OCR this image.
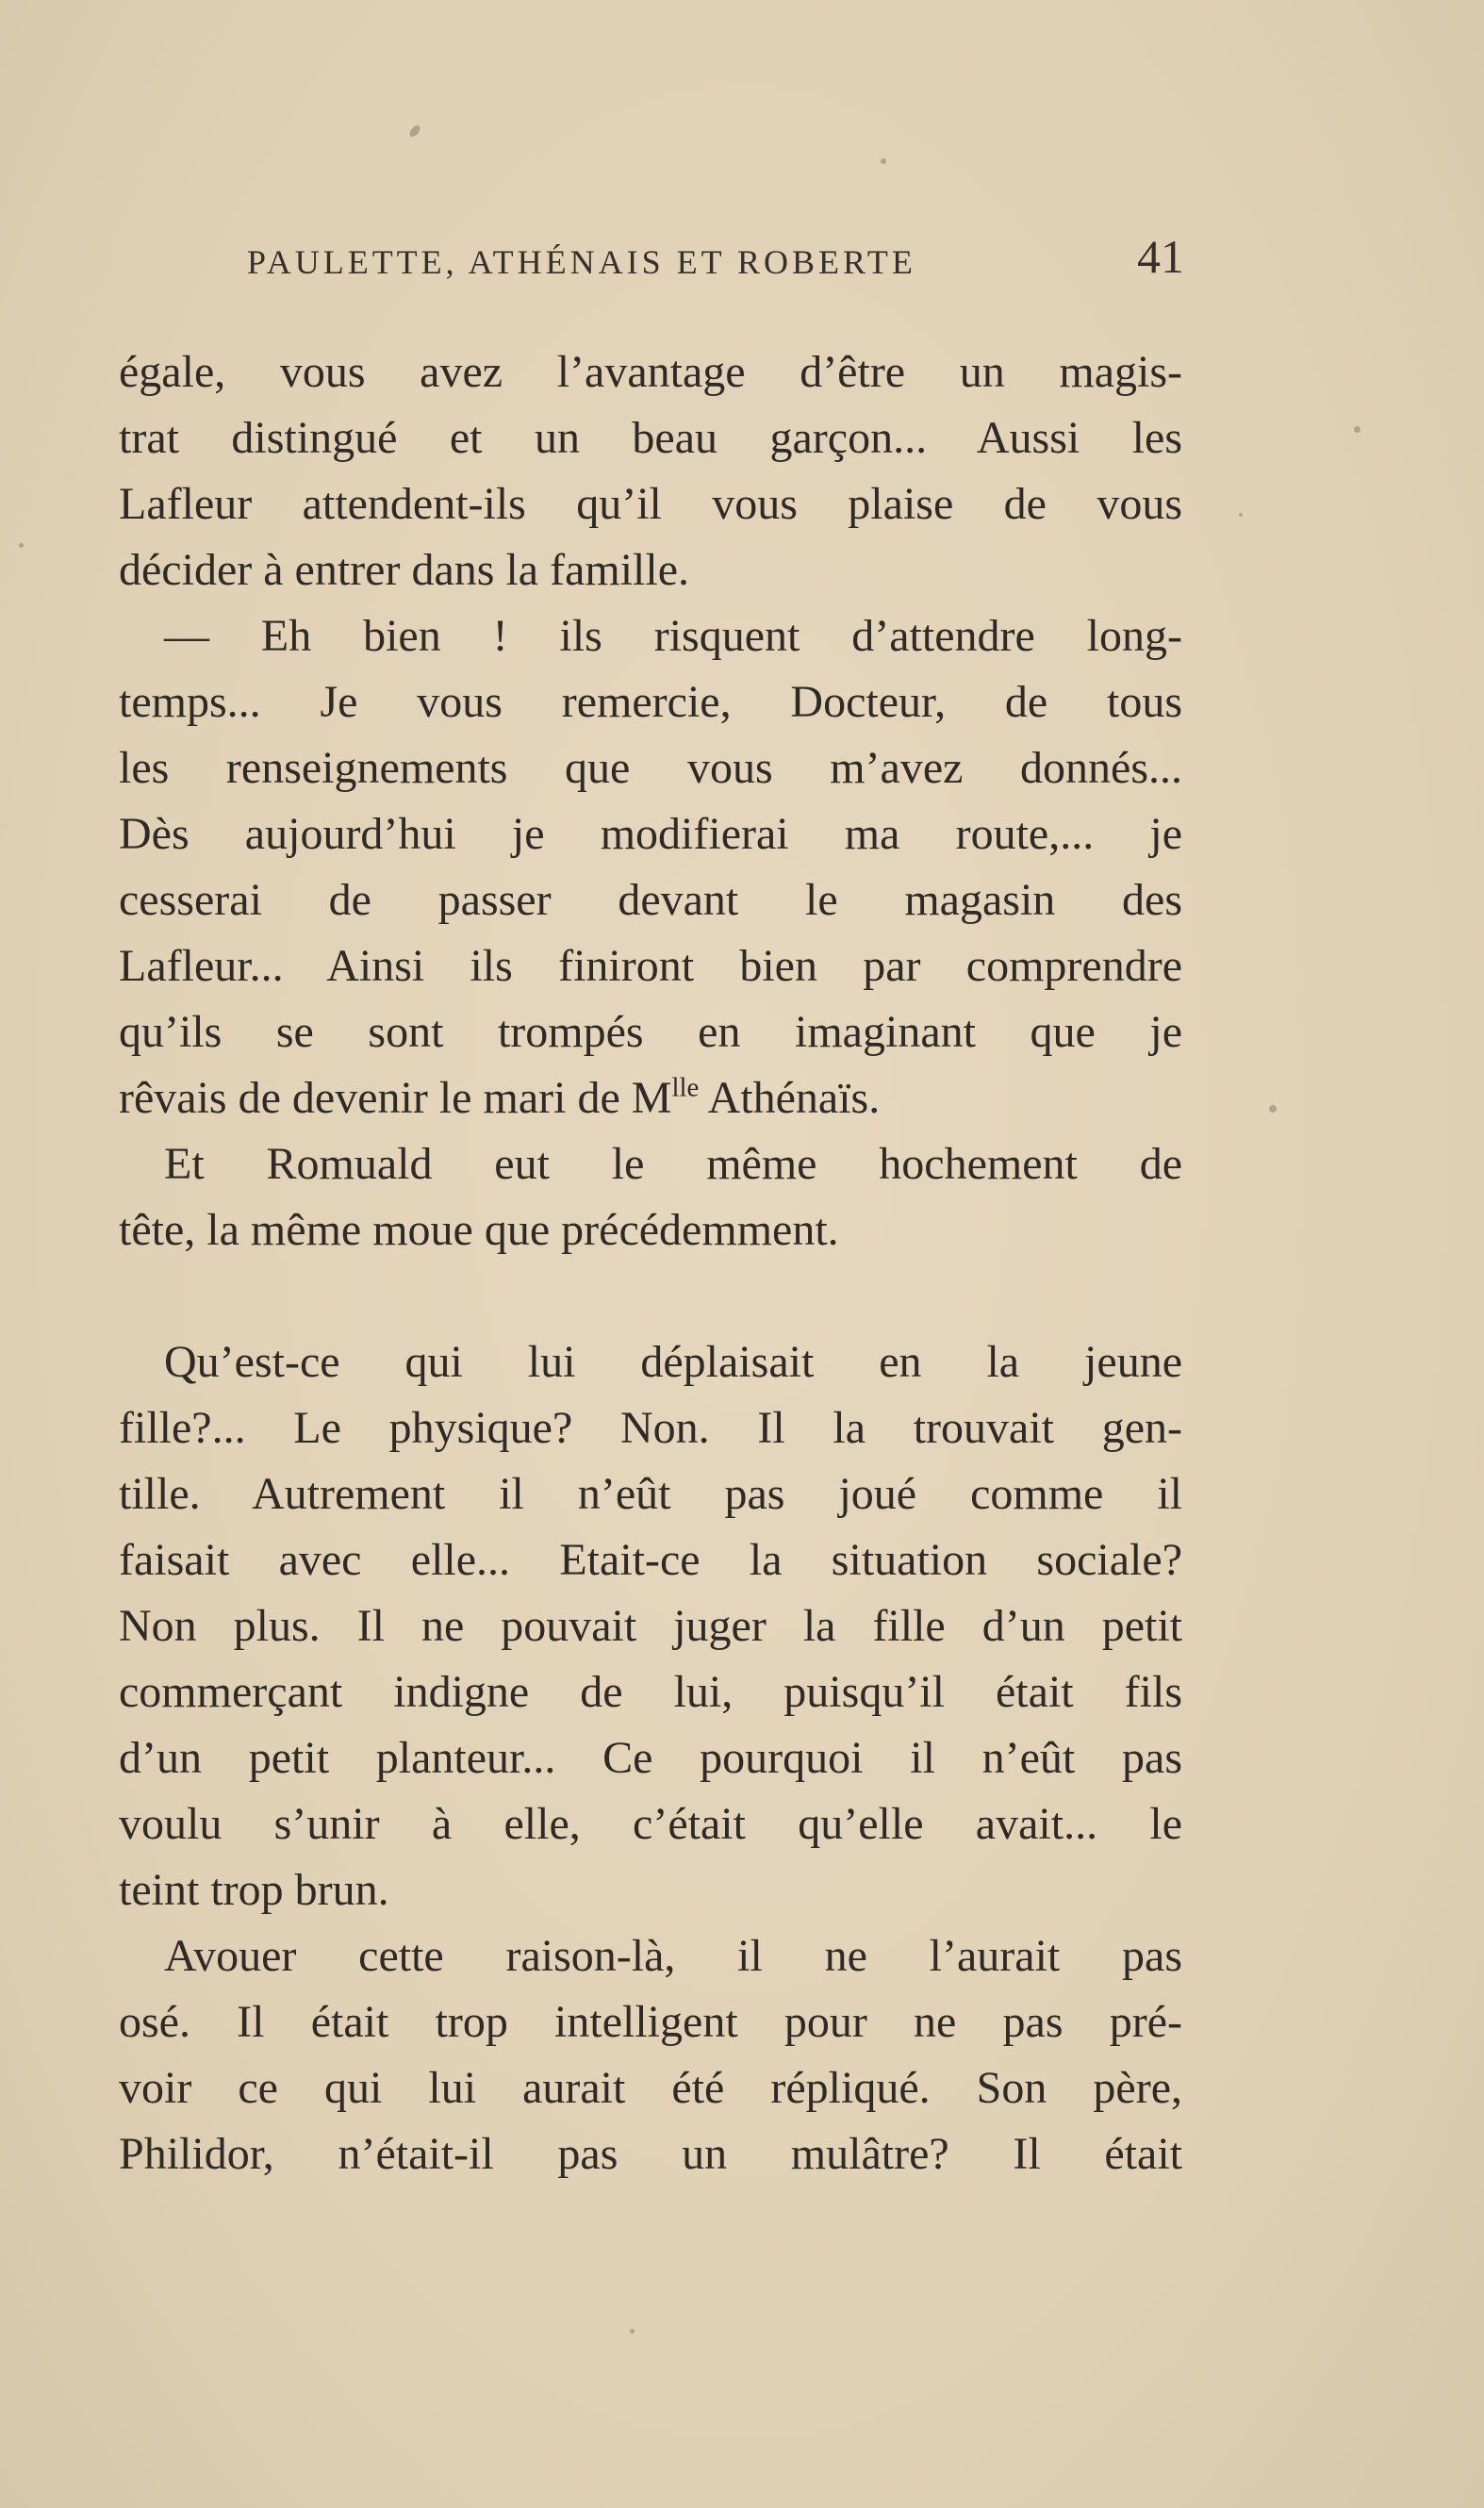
PAULETTE, ATHÉNAIS ET ROBERTE	41
égale, vous avez l’avantage d’être un magis-
trat distingué et un beau garçon... Aussi les
Lafleur attendent-ils qu’il vous plaise de vous
décider à entrer dans la famille.
— Eh bien ! ils risquent d’attendre long-
temps... Je vous remercie, Docteur, de tous
les renseignements que vous m’avez donnés...
Dès aujourd’hui je modifierai ma route,... je
cesserai de passer devant le magasin des
Lafleur... Ainsi ils finiront bien par comprendre
qu’ils se sont trompés en imaginant que je
rêvais de devenir le mari de $M^{lle}$ Athénaïs.
Et Romuald eut le même hochement de
tête, la même moue que précédemment.
Qu’est-ce qui lui déplaisait en la jeune
fille?... Le physique? Non. Il la trouvait gen-
tille. Autrement il n’eût pas joué comme il
faisait avec elle... Etait-ce la situation sociale?
Non plus. Il ne pouvait juger la fille d’un petit
commerçant indigne de lui, puisqu’il était fils
d’un petit planteur... Ce pourquoi il n’eût pas
voulu s’unir à elle, c’était qu’elle avait... le
teint trop brun.
Avouer cette raison-là, il ne l’aurait pas
osé. Il était trop intelligent pour ne pas pré-
voir ce qui lui aurait été répliqué. Son père,
Philidor, n’était-il pas un mulâtre? Il était
